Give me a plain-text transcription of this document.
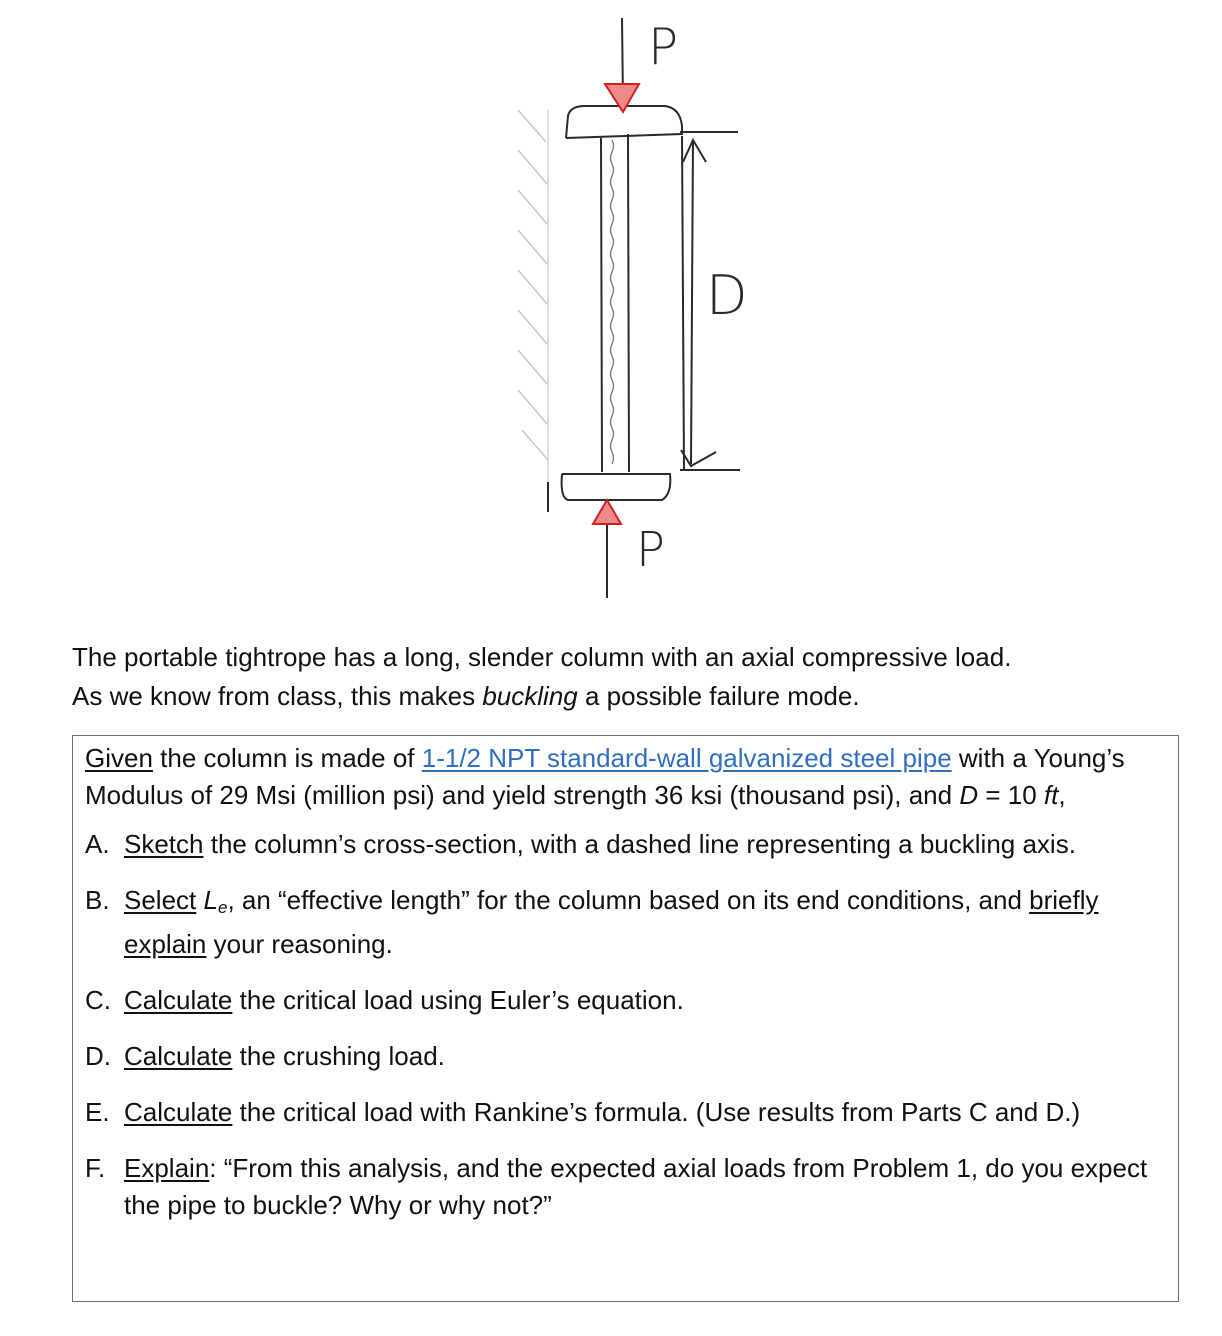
P
P
D

The portable tightrope has a long, slender column with an axial compressive load.

As we know from class, this makes buckling a possible failure mode.

Given the column is made of 1-1/2 NPT standard-wall galvanized steel pipe with a Young’s Modulus of 29 Msi (million psi) and yield strength 36 ksi (thousand psi), and D = 10 ft,

A. Sketch the column’s cross-section, with a dashed line representing a buckling axis.
B. Select $L_e$, an “effective length” for the column based on its end conditions, and briefly explain your reasoning.
C. Calculate the critical load using Euler’s equation.
D. Calculate the crushing load.
E. Calculate the critical load with Rankine’s formula. (Use results from Parts C and D.)
F. Explain: “From this analysis, and the expected axial loads from Problem 1, do you expect the pipe to buckle? Why or why not?”
